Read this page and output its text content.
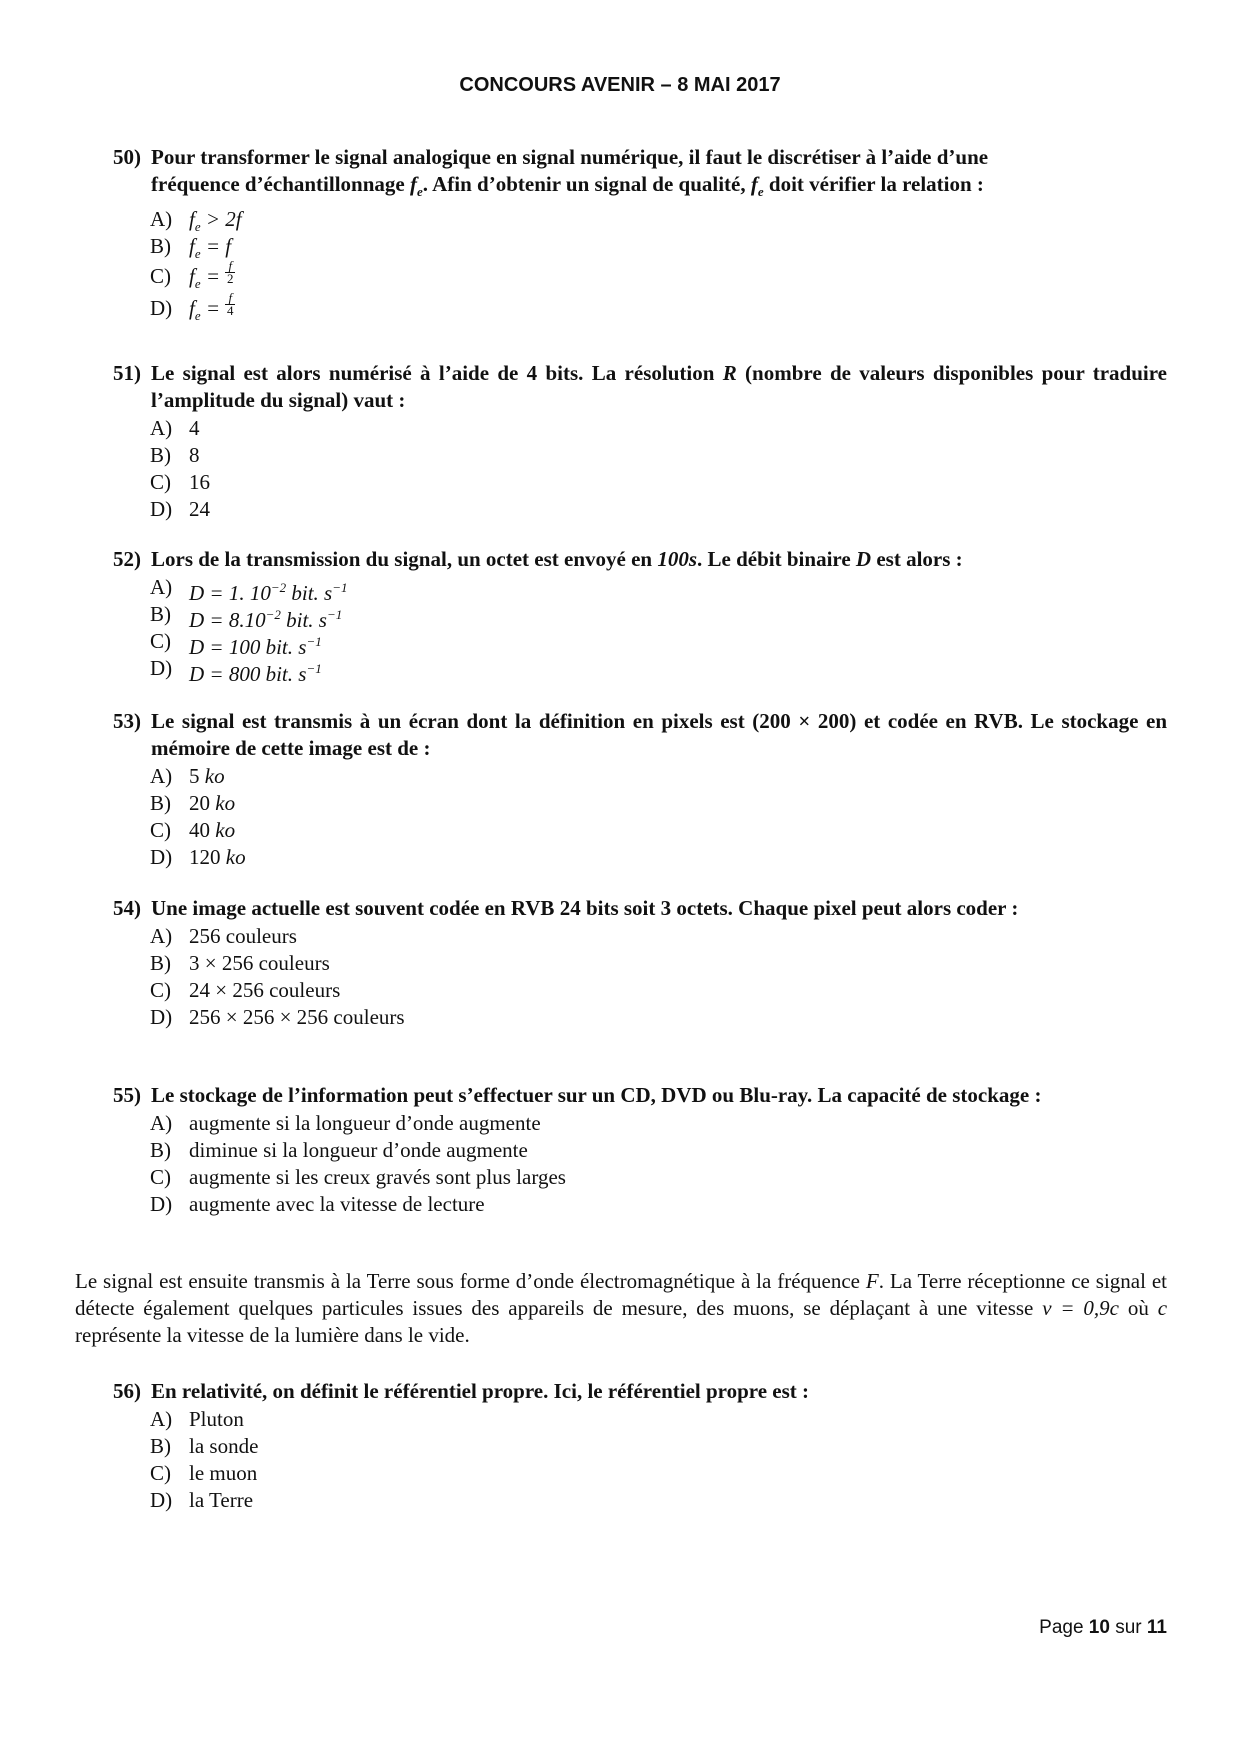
CONCOURS AVENIR – 8 MAI 2017
50) Pour transformer le signal analogique en signal numérique, il faut le discrétiser à l’aide d’une
fréquence d’échantillonnage $f_e$. Afin d’obtenir un signal de qualité, $f_e$ doit vérifier la relation :
A) $f_e > 2f$
B) $f_e = f$
C) $f_e$ =
$\frac{f}{2}$
D) $f_e$ =
$\frac{f}{4}$
51) Le signal est alors numérisé à l’aide de 4 bits. La résolution R (nombre de valeurs disponibles pour traduire l’amplitude du signal) vaut :
A) 4
B) 8
C) 16
D) 24
52) Lors de la transmission du signal, un octet est envoyé en 100s. Le débit binaire D est alors :
A) D = 1. $10^{-2}$ bit. $s^{-1}$
B) $D = 8.10^{-2}$ bit. $s^{-1}$
C) D = 100 bit. $s^{-1}$
D) D = 800 bit. $s^{-1}$
53) Le signal est transmis à un écran dont la définition en pixels est (200 × 200) et codée en RVB. Le stockage en mémoire de cette image est de :
A) 5
ko
B) 20
ko
C) 40
ko
D) 120
ko
54) Une image actuelle est souvent codée en RVB 24 bits soit 3 octets. Chaque pixel peut alors coder :
A) 256 couleurs
B) 3 × 256 couleurs
C) 24 × 256 couleurs
D) 256 × 256 × 256 couleurs
55) Le stockage de l’information peut s’effectuer sur un CD, DVD ou Blu-ray. La capacité de stockage :
A) augmente si la longueur d’onde augmente
B) diminue si la longueur d’onde augmente
C) augmente si les creux gravés sont plus larges
D) augmente avec la vitesse de lecture
Le signal est ensuite transmis à la Terre sous forme d’onde électromagnétique à la fréquence F. La Terre réceptionne ce signal et détecte également quelques particules issues des appareils de mesure, des muons, se déplaçant à une vitesse v = 0,9c où c représente la vitesse de la lumière dans le vide.
56) En relativité, on définit le référentiel propre. Ici, le référentiel propre est :
A) Pluton
B) la sonde
C) le muon
D) la Terre
Page 10 sur 11
